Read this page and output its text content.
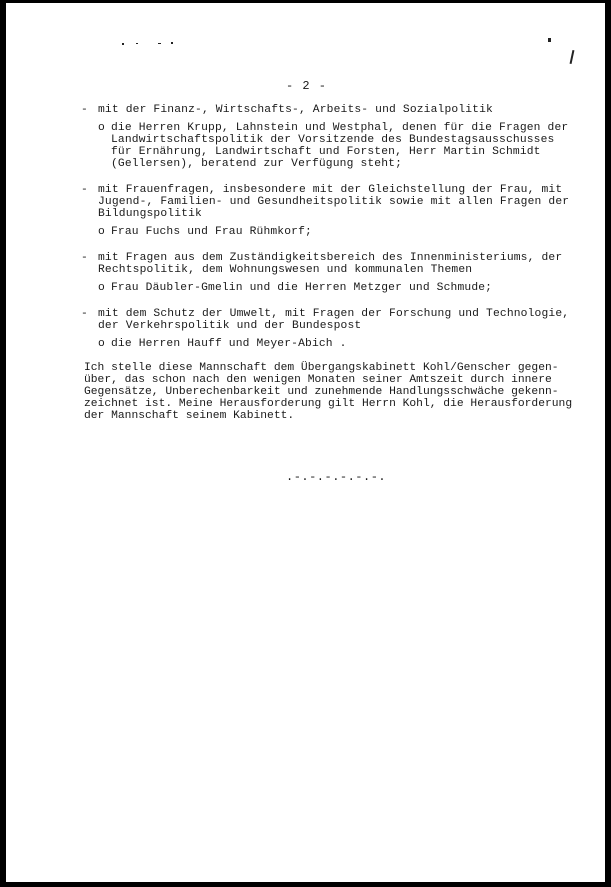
- 2 -
- mit der Finanz-, Wirtschafts-, Arbeits- und Sozialpolitik
o die Herren Krupp, Lahnstein und Westphal, denen für die Fragen der
Landwirtschaftspolitik der Vorsitzende des Bundestagsausschusses
für Ernährung, Landwirtschaft und Forsten, Herr Martin Schmidt
(Gellersen), beratend zur Verfügung steht;
- mit Frauenfragen, insbesondere mit der Gleichstellung der Frau, mit
Jugend-, Familien- und Gesundheitspolitik sowie mit allen Fragen der
Bildungspolitik
o Frau Fuchs und Frau Rühmkorf;
- mit Fragen aus dem Zuständigkeitsbereich des Innenministeriums, der
Rechtspolitik, dem Wohnungswesen und kommunalen Themen
o Frau Däubler-Gmelin und die Herren Metzger und Schmude;
- mit dem Schutz der Umwelt, mit Fragen der Forschung und Technologie,
der Verkehrspolitik und der Bundespost
o die Herren Hauff und Meyer-Abich .
Ich stelle diese Mannschaft dem Übergangskabinett Kohl/Genscher gegen-
über, das schon nach den wenigen Monaten seiner Amtszeit durch innere
Gegensätze, Unberechenbarkeit und zunehmende Handlungsschwäche gekenn-
zeichnet ist. Meine Herausforderung gilt Herrn Kohl, die Herausforderung
der Mannschaft seinem Kabinett.
.-.-.-.-.-.-.
